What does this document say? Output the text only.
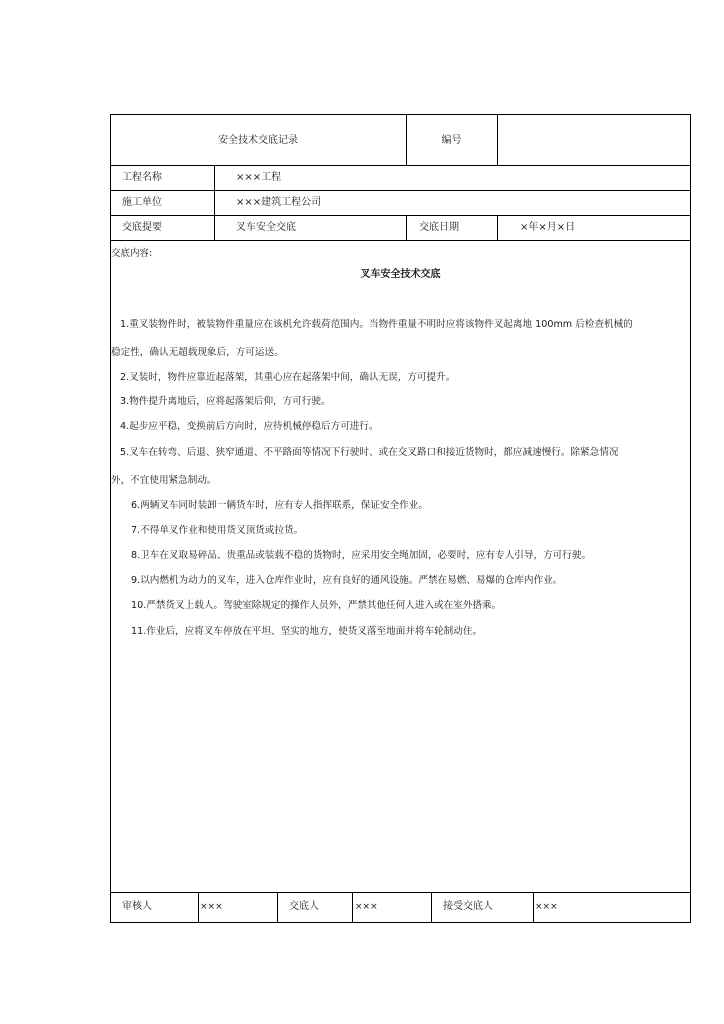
安全技术交底记录	编号
工程名称	×××工程
施工单位	×××建筑工程公司
交底提要	叉车安全交底	交底日期	×年×月×日
交底内容:
叉车安全技术交底
1.重叉装物件时，被装物件重量应在该机允许载荷范围内。当物件重量不明时应将该物件叉起离地 100mm 后检查机械的
稳定性，确认无超载现象后，方可运送。
2.叉装时，物件应靠近起落架，其重心应在起落架中间，确认无误，方可提升。
3.物件提升离地后，应将起落架后仰，方可行驶。
4.起步应平稳，变换前后方向时，应待机械停稳后方可进行。
5.叉车在转弯、后退、狭窄通道、不平路面等情况下行驶时、或在交叉路口和接近货物时，都应减速慢行。除紧急情况
外，不宜使用紧急制动。
6.两辆叉车同时装卸一辆货车时，应有专人指挥联系，保证安全作业。
7.不得单叉作业和使用货叉顶货或拉货。
8.卫车在叉取易碎品、贵重品或装载不稳的货物时，应采用安全绳加固，必要时，应有专人引导，方可行驶。
9.以内燃机为动力的叉车，进入仓库作业时，应有良好的通风设施。严禁在易燃、易爆的仓库内作业。
10.严禁货叉上载人。驾驶室除规定的操作人员外，严禁其他任何人进入或在室外搭乘。
11.作业后，应将叉车停放在平坦、坚实的地方，使货叉落至地面并将车轮制动住。
审核人	×××	交底人	×××	接受交底人	×××
